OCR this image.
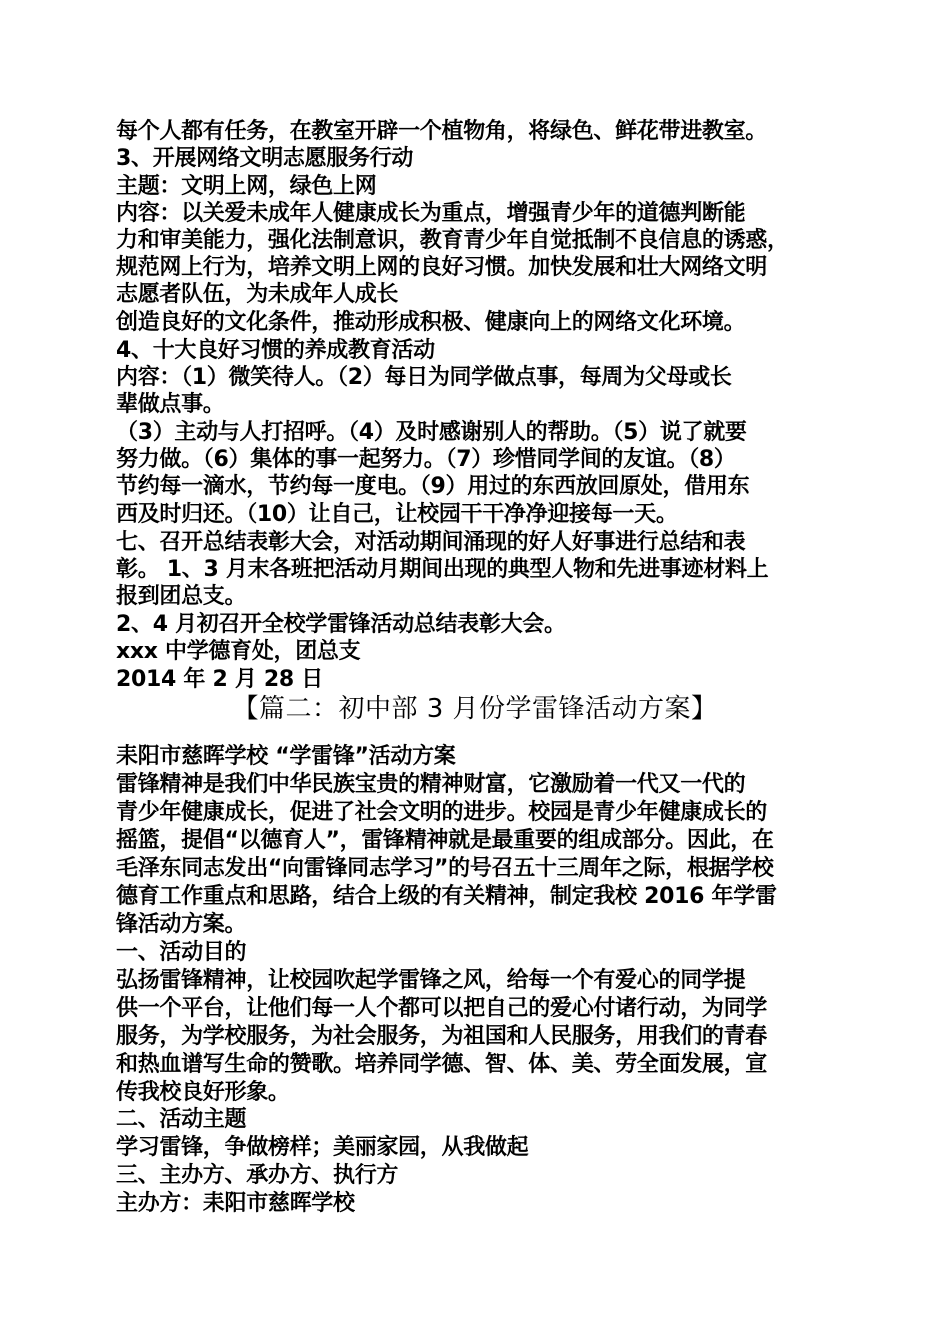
每个人都有任务，在教室开辟一个植物角，将绿色、鲜花带进教室。
3、开展网络文明志愿服务行动
主题：文明上网，绿色上网
内容：以关爱未成年人健康成长为重点，增强青少年的道德判断能
力和审美能力，强化法制意识，教育青少年自觉抵制不良信息的诱惑，
规范网上行为，培养文明上网的良好习惯。加快发展和壮大网络文明
志愿者队伍，为未成年人成长
创造良好的文化条件，推动形成积极、健康向上的网络文化环境。
4、十大良好习惯的养成教育活动
内容：（1）微笑待人。（2）每日为同学做点事，每周为父母或长
辈做点事。
（3）主动与人打招呼。（4）及时感谢别人的帮助。（5）说了就要
努力做。（6）集体的事一起努力。（7）珍惜同学间的友谊。（8）
节约每一滴水，节约每一度电。（9）用过的东西放回原处，借用东
西及时归还。（10）让自己，让校园干干净净迎接每一天。
七、召开总结表彰大会，对活动期间涌现的好人好事进行总结和表
彰。 1、3 月末各班把活动月期间出现的典型人物和先进事迹材料上
报到团总支。
2、4 月初召开全校学雷锋活动总结表彰大会。
xxx 中学德育处，团总支
2014 年 2 月 28 日
【篇二：初中部 3 月份学雷锋活动方案】
耒阳市慈晖学校 “学雷锋”活动方案
雷锋精神是我们中华民族宝贵的精神财富，它激励着一代又一代的
青少年健康成长，促进了社会文明的进步。校园是青少年健康成长的
摇篮，提倡“以德育人”，雷锋精神就是最重要的组成部分。因此，在
毛泽东同志发出“向雷锋同志学习”的号召五十三周年之际，根据学校
德育工作重点和思路，结合上级的有关精神，制定我校 2016 年学雷
锋活动方案。
一、活动目的
弘扬雷锋精神，让校园吹起学雷锋之风，给每一个有爱心的同学提
供一个平台，让他们每一人个都可以把自己的爱心付诸行动，为同学
服务，为学校服务，为社会服务，为祖国和人民服务，用我们的青春
和热血谱写生命的赞歌。培养同学德、智、体、美、劳全面发展，宣
传我校良好形象。
二、活动主题
学习雷锋，争做榜样；美丽家园，从我做起
三、主办方、承办方、执行方
主办方：耒阳市慈晖学校
